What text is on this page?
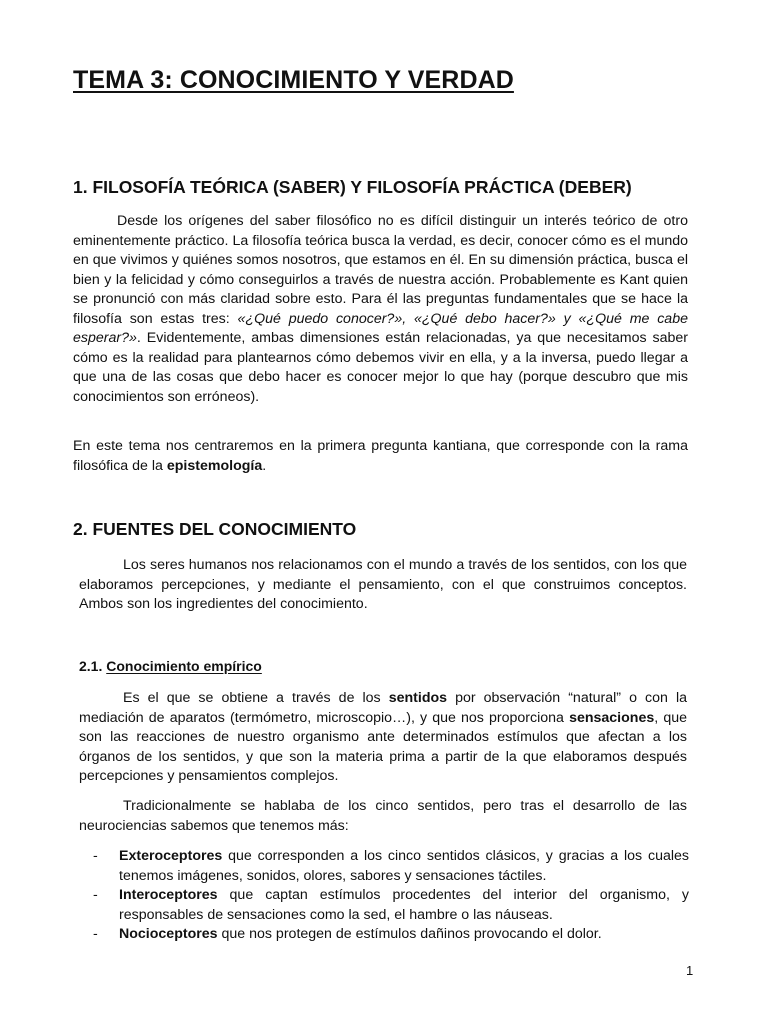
TEMA 3: CONOCIMIENTO Y VERDAD
1. FILOSOFÍA TEÓRICA (SABER) Y FILOSOFÍA PRÁCTICA (DEBER)

Desde los orígenes del saber filosófico no es difícil distinguir un interés teórico de otro eminentemente práctico. La filosofía teórica busca la verdad, es decir, conocer cómo es el mundo en que vivimos y quiénes somos nosotros, que estamos en él. En su dimensión práctica, busca el bien y la felicidad y cómo conseguirlos a través de nuestra acción. Probablemente es Kant quien se pronunció con más claridad sobre esto. Para él las preguntas fundamentales que se hace la filosofía son estas tres: «¿Qué puedo conocer?», «¿Qué debo hacer?» y «¿Qué me cabe esperar?». Evidentemente, ambas dimensiones están relacionadas, ya que necesitamos saber cómo es la realidad para plantearnos cómo debemos vivir en ella, y a la inversa, puedo llegar a que una de las cosas que debo hacer es conocer mejor lo que hay (porque descubro que mis conocimientos son erróneos).

En este tema nos centraremos en la primera pregunta kantiana, que corresponde con la rama filosófica de la epistemología.

2. FUENTES DEL CONOCIMIENTO

Los seres humanos nos relacionamos con el mundo a través de los sentidos, con los que elaboramos percepciones, y mediante el pensamiento, con el que construimos conceptos. Ambos son los ingredientes del conocimiento.

2.1. Conocimiento empírico

Es el que se obtiene a través de los sentidos por observación “natural” o con la mediación de aparatos (termómetro, microscopio…), y que nos proporciona sensaciones, que son las reacciones de nuestro organismo ante determinados estímulos que afectan a los órganos de los sentidos, y que son la materia prima a partir de la que elaboramos después percepciones y pensamientos complejos.

Tradicionalmente se hablaba de los cinco sentidos, pero tras el desarrollo de las neurociencias sabemos que tenemos más:

- Exteroceptores que corresponden a los cinco sentidos clásicos, y gracias a los cuales tenemos imágenes, sonidos, olores, sabores y sensaciones táctiles.
- Interoceptores que captan estímulos procedentes del interior del organismo, y responsables de sensaciones como la sed, el hambre o las náuseas.
- Nocioceptores que nos protegen de estímulos dañinos provocando el dolor.
1
